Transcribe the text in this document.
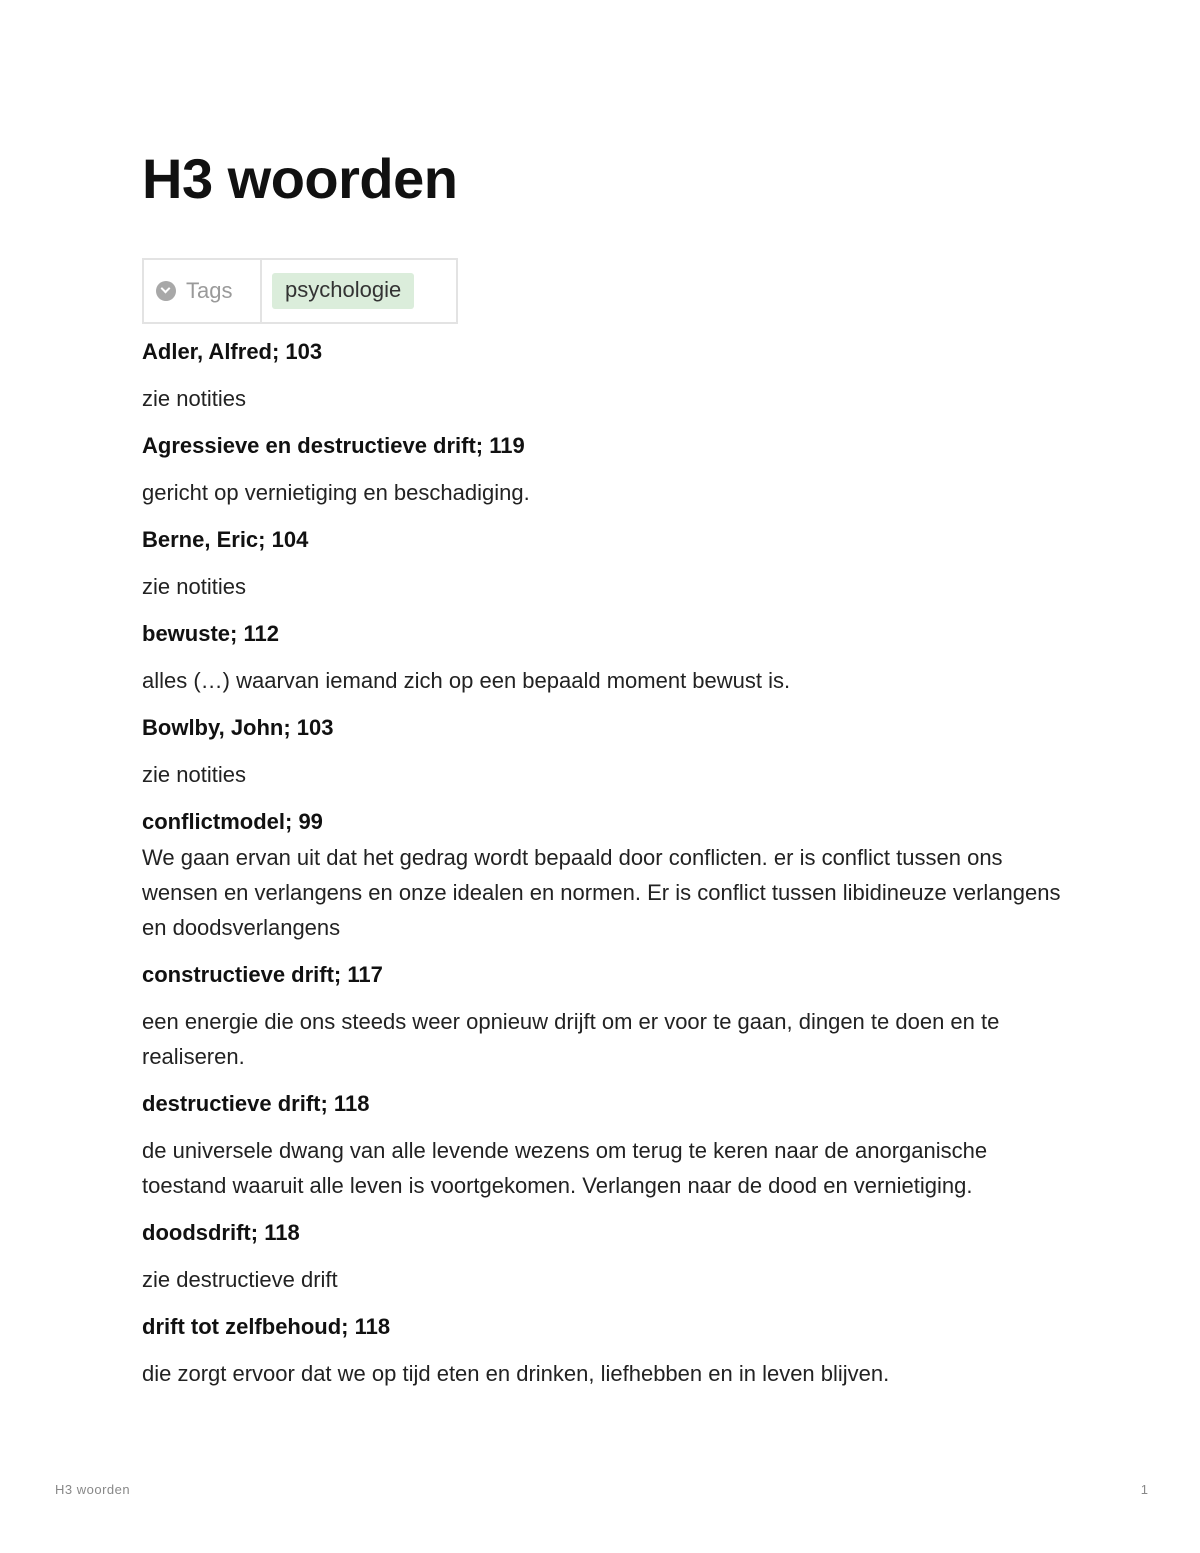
H3 woorden
Tags	psychologie

Adler, Alfred; 103

zie notities

Agressieve en destructieve drift; 119

gericht op vernietiging en beschadiging.

Berne, Eric; 104

zie notities

bewuste; 112

alles (…) waarvan iemand zich op een bepaald moment bewust is.

Bowlby, John; 103

zie notities

conflictmodel; 99

We gaan ervan uit dat het gedrag wordt bepaald door conflicten. er is conflict tussen ons wensen en verlangens en onze idealen en normen. Er is conflict tussen libidineuze verlangens en doodsverlangens

constructieve drift; 117

een energie die ons steeds weer opnieuw drijft om er voor te gaan, dingen te doen en te realiseren.

destructieve drift; 118

de universele dwang van alle levende wezens om terug te keren naar de anorganische toestand waaruit alle leven is voortgekomen. Verlangen naar de dood en vernietiging.

doodsdrift; 118

zie destructieve drift

drift tot zelfbehoud; 118

die zorgt ervoor dat we op tijd eten en drinken, liefhebben en in leven blijven.

H3 woorden	1
